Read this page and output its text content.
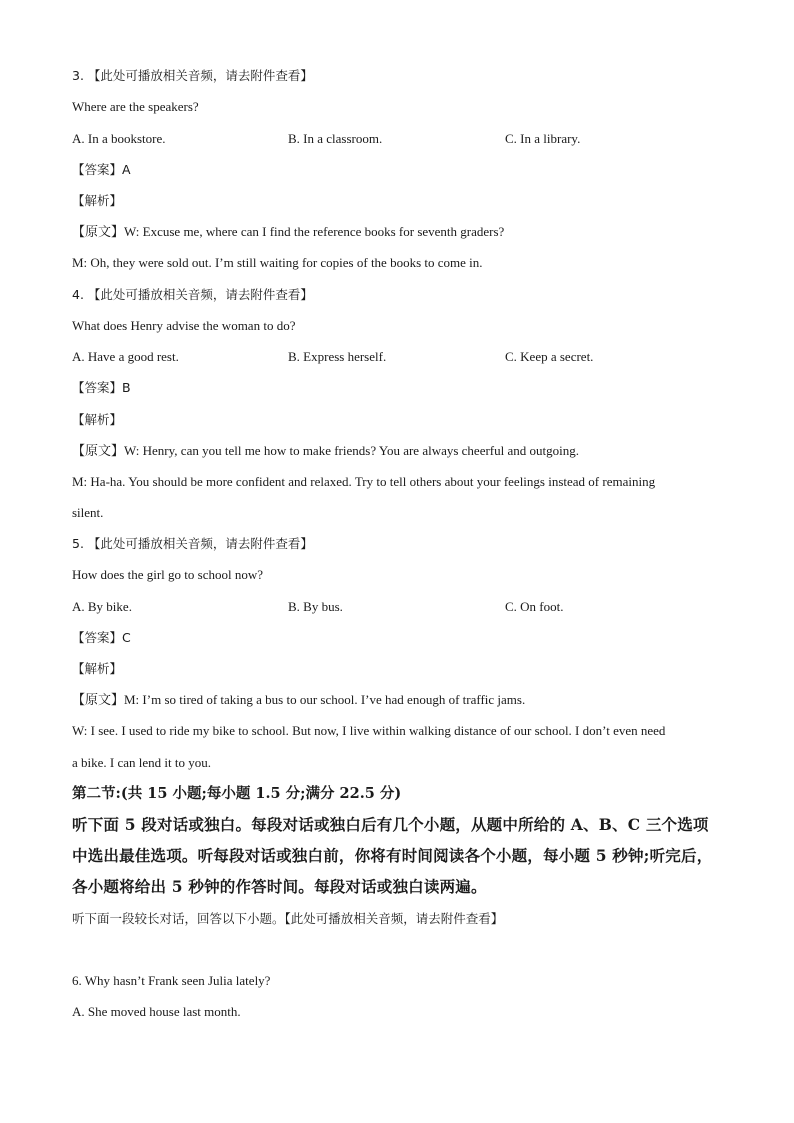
3. 【此处可播放相关音频，请去附件查看】
Where are the speakers?
A. In a bookstore.	B. In a classroom.	C. In a library.
【答案】A
【解析】
【原文】W: Excuse me, where can I find the reference books for seventh graders?
M: Oh, they were sold out. I’m still waiting for copies of the books to come in.
4. 【此处可播放相关音频，请去附件查看】
What does Henry advise the woman to do?
A. Have a good rest.	B. Express herself.	C. Keep a secret.
【答案】B
【解析】
【原文】W: Henry, can you tell me how to make friends? You are always cheerful and outgoing.
M: Ha-ha. You should be more confident and relaxed. Try to tell others about your feelings instead of remaining
silent.
5. 【此处可播放相关音频，请去附件查看】
How does the girl go to school now?
A. By bike.	B. By bus.	C. On foot.
【答案】C
【解析】
【原文】M: I’m so tired of taking a bus to our school. I’ve had enough of traffic jams.
W: I see. I used to ride my bike to school. But now, I live within walking distance of our school. I don’t even need
a bike. I can lend it to you.
第二节:(共 15 小题;每小题 1.5 分;满分 22.5 分)
听下面 5 段对话或独白。每段对话或独白后有几个小题，从题中所给的 A、B、C 三个选项
中选出最佳选项。听每段对话或独白前，你将有时间阅读各个小题，每小题 5 秒钟;听完后，
各小题将给出 5 秒钟的作答时间。每段对话或独白读两遍。
听下面一段较长对话，回答以下小题。【此处可播放相关音频，请去附件查看】
6. Why hasn’t Frank seen Julia lately?
A. She moved house last month.
